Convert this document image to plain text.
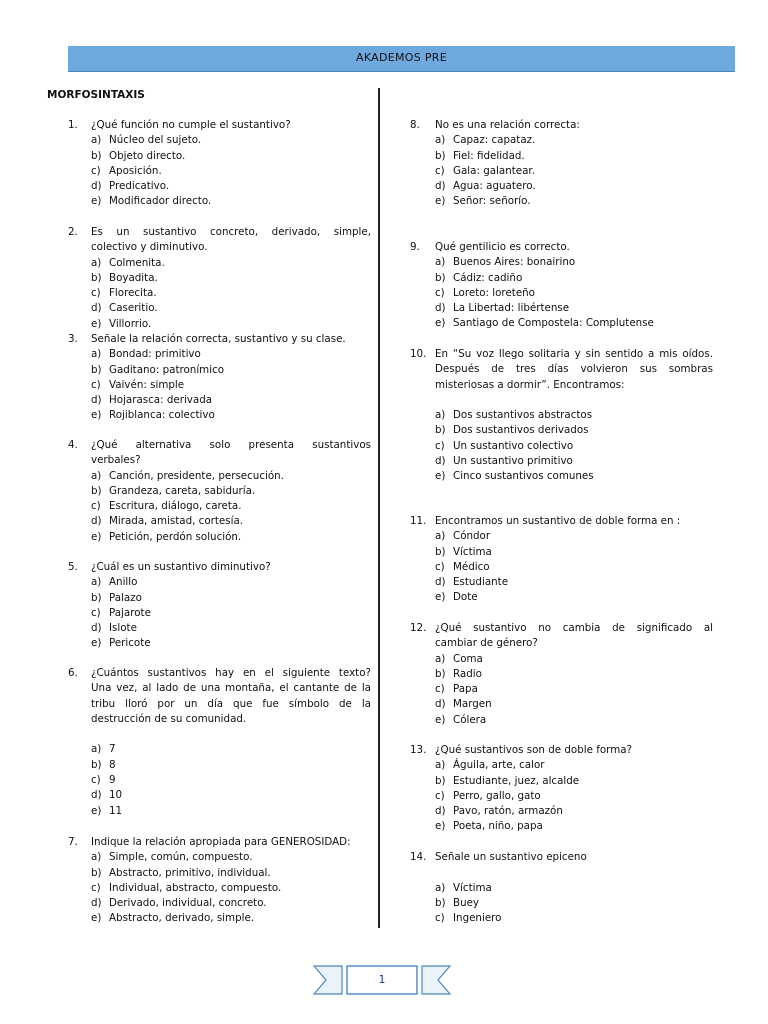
AKADEMOS PRE
MORFOSINTAXIS
1. ¿Qué función no cumple el sustantivo?
a) Núcleo del sujeto.
b) Objeto directo.
c) Aposición.
d) Predicativo.
e) Modificador directo.
2. Es un sustantivo concreto, derivado, simple,
colectivo y diminutivo.
a) Colmenita.
b) Boyadita.
c) Florecita.
d) Caseritio.
e) Villorrio.
3. Señale la relación correcta, sustantivo y su clase.
a) Bondad: primitivo
b) Gaditano: patronímico
c) Vaivén: simple
d) Hojarasca: derivada
e) Rojiblanca: colectivo
4. ¿Qué alternativa solo presenta sustantivos
verbales?
a) Canción, presidente, persecución.
b) Grandeza, careta, sabiduría.
c) Escritura, diálogo, careta.
d) Mirada, amistad, cortesía.
e) Petición, perdón solución.
5. ¿Cuál es un sustantivo diminutivo?
a) Anillo
b) Palazo
c) Pajarote
d) Islote
e) Pericote
6. ¿Cuántos sustantivos hay en el siguiente texto?
Una vez, al lado de una montaña, el cantante de la
tribu lloró por un día que fue símbolo de la
destrucción de su comunidad.
a) 7
b) 8
c) 9
d) 10
e) 11
7. Indique la relación apropiada para GENEROSIDAD:
a) Simple, común, compuesto.
b) Abstracto, primitivo, individual.
c) Individual, abstracto, compuesto.
d) Derivado, individual, concreto.
e) Abstracto, derivado, simple.
8. No es una relación correcta:
a) Capaz: capataz.
b) Fiel: fidelidad.
c) Gala: galantear.
d) Agua: aguatero.
e) Señor: señorío.
9. Qué gentilicio es correcto.
a) Buenos Aires: bonairino
b) Cádiz: cadiño
c) Loreto: loreteño
d) La Libertad: libértense
e) Santiago de Compostela: Complutense
10. En “Su voz llego solitaria y sin sentido a mis oídos.
Después de tres días volvieron sus sombras
misteriosas a dormir”. Encontramos:
a) Dos sustantivos abstractos
b) Dos sustantivos derivados
c) Un sustantivo colectivo
d) Un sustantivo primitivo
e) Cinco sustantivos comunes
11. Encontramos un sustantivo de doble forma en :
a) Cóndor
b) Víctima
c) Médico
d) Estudiante
e) Dote
12. ¿Qué sustantivo no cambia de significado al
cambiar de género?
a) Coma
b) Radio
c) Papa
d) Margen
e) Cólera
13. ¿Qué sustantivos son de doble forma?
a) Águila, arte, calor
b) Estudiante, juez, alcalde
c) Perro, gallo, gato
d) Pavo, ratón, armazón
e) Poeta, niño, papa
14. Señale un sustantivo epiceno
a) Víctima
b) Buey
c) Ingeniero
1
